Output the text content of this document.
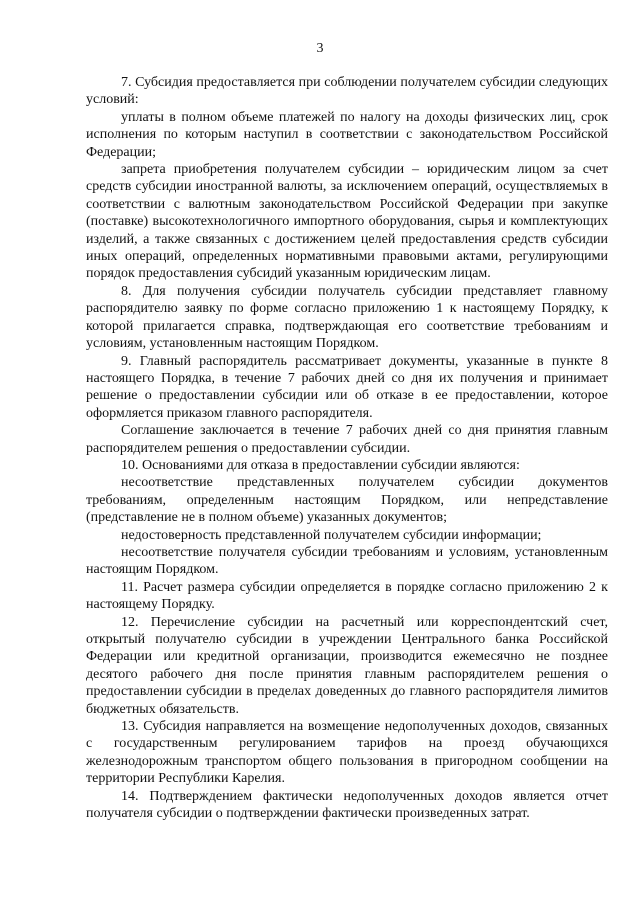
3

7. Субсидия предоставляется при соблюдении получателем субсидии следующих условий:

уплаты в полном объеме платежей по налогу на доходы физических лиц, срок исполнения по которым наступил в соответствии с законодательством Российской Федерации;

запрета приобретения получателем субсидии – юридическим лицом за счет средств субсидии иностранной валюты, за исключением операций, осуществляемых в соответствии с валютным законодательством Российской Федерации при закупке (поставке) высокотехнологичного импортного оборудования, сырья и комплектующих изделий, а также связанных с достижением целей предоставления средств субсидии иных операций, определенных нормативными правовыми актами, регулирующими порядок предоставления субсидий указанным юридическим лицам.

8. Для получения субсидии получатель субсидии представляет главному распорядителю заявку по форме согласно приложению 1 к настоящему Порядку, к которой прилагается справка, подтверждающая его соответствие требованиям и условиям, установленным настоящим Порядком.

9. Главный распорядитель рассматривает документы, указанные в пункте 8 настоящего Порядка, в течение 7 рабочих дней со дня их получения и принимает решение о предоставлении субсидии или об отказе в ее предоставлении, которое оформляется приказом главного распорядителя.

Соглашение заключается в течение 7 рабочих дней со дня принятия главным распорядителем решения о предоставлении субсидии.

10. Основаниями для отказа в предоставлении субсидии являются:

несоответствие представленных получателем субсидии документов требованиям, определенным настоящим Порядком, или непредставление (представление не в полном объеме) указанных документов;

недостоверность представленной получателем субсидии информации;

несоответствие получателя субсидии требованиям и условиям, установленным настоящим Порядком.

11. Расчет размера субсидии определяется в порядке согласно приложению 2 к настоящему Порядку.

12. Перечисление субсидии на расчетный или корреспондентский счет, открытый получателю субсидии в учреждении Центрального банка Российской Федерации или кредитной организации, производится ежемесячно не позднее десятого рабочего дня после принятия главным распорядителем решения о предоставлении субсидии в пределах доведенных до главного распорядителя лимитов бюджетных обязательств.

13. Субсидия направляется на возмещение недополученных доходов, связанных с государственным регулированием тарифов на проезд обучающихся железнодорожным транспортом общего пользования в пригородном сообщении на территории Республики Карелия.

14. Подтверждением фактически недополученных доходов является отчет получателя субсидии о подтверждении фактически произведенных затрат.
